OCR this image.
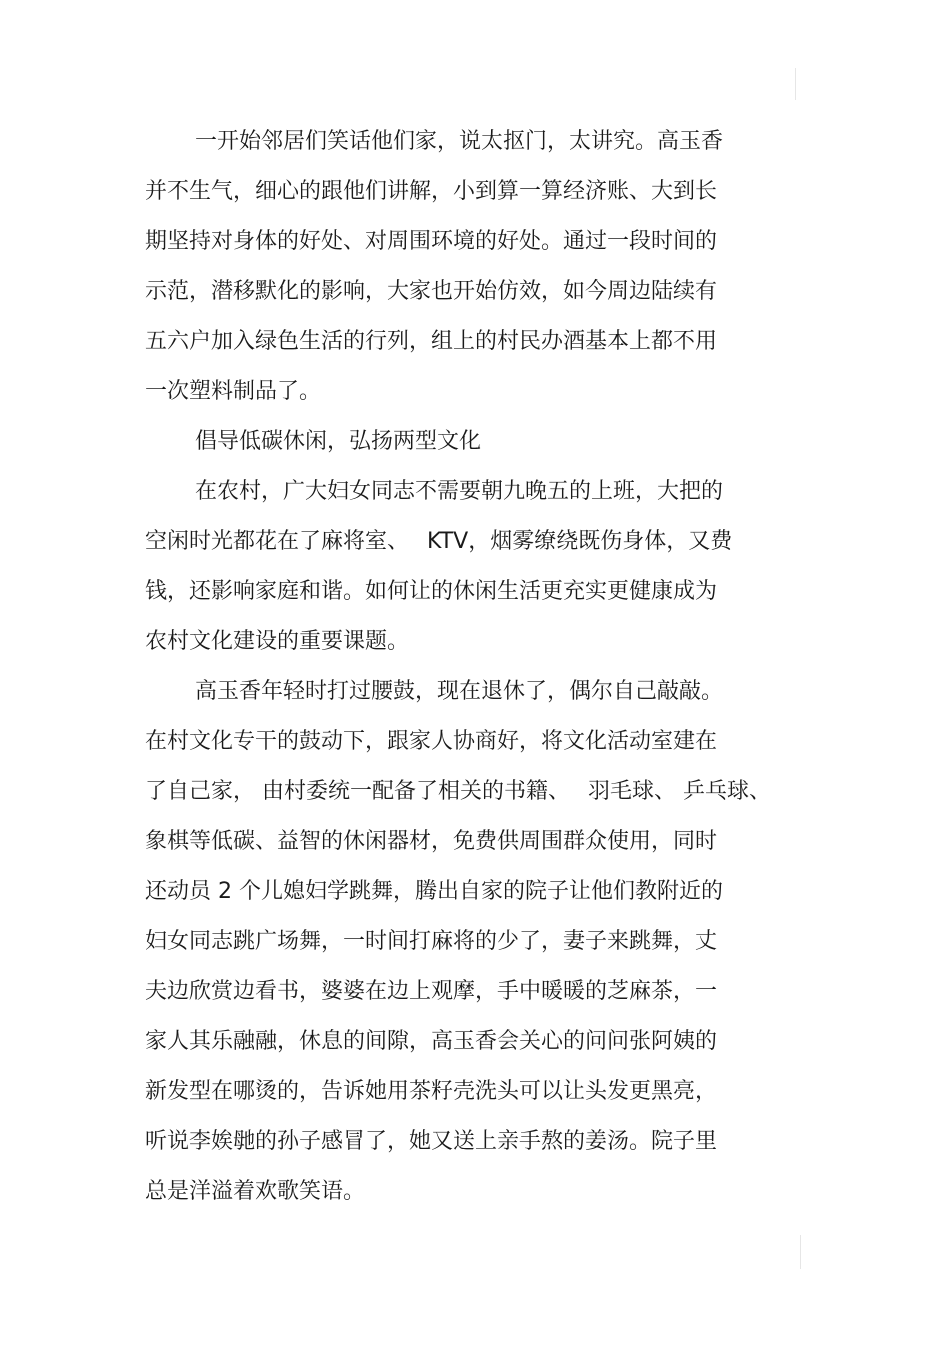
一开始邻居们笑话他们家，说太抠门，太讲究。高玉香
并不生气，细心的跟他们讲解，小到算一算经济账、大到长
期坚持对身体的好处、对周围环境的好处。通过一段时间的
示范，潜移默化的影响，大家也开始仿效，如今周边陆续有
五六户加入绿色生活的行列，组上的村民办酒基本上都不用
一次塑料制品了。
倡导低碳休闲，弘扬两型文化
在农村，广大妇女同志不需要朝九晚五的上班，大把的
空闲时光都花在了麻将室、　 KTV，烟雾缭绕既伤身体，又费
钱，还影响家庭和谐。如何让的休闲生活更充实更健康成为
农村文化建设的重要课题。
高玉香年轻时打过腰鼓，现在退休了，偶尔自己敲敲。
在村文化专干的鼓动下，跟家人协商好，将文化活动室建在
了自己家， 由村委统一配备了相关的书籍、　 羽毛球、 乒乓球、
象棋等低碳、益智的休闲器材，免费供周围群众使用，同时
还动员 2 个儿媳妇学跳舞，腾出自家的院子让他们教附近的
妇女同志跳广场舞，一时间打麻将的少了，妻子来跳舞，丈
夫边欣赏边看书，婆婆在边上观摩，手中暖暖的芝麻茶，一
家人其乐融融，休息的间隙，高玉香会关心的问问张阿姨的
新发型在哪烫的，告诉她用茶籽壳洗头可以让头发更黑亮，
听说李娭毑的孙子感冒了，她又送上亲手熬的姜汤。院子里
总是洋溢着欢歌笑语。
